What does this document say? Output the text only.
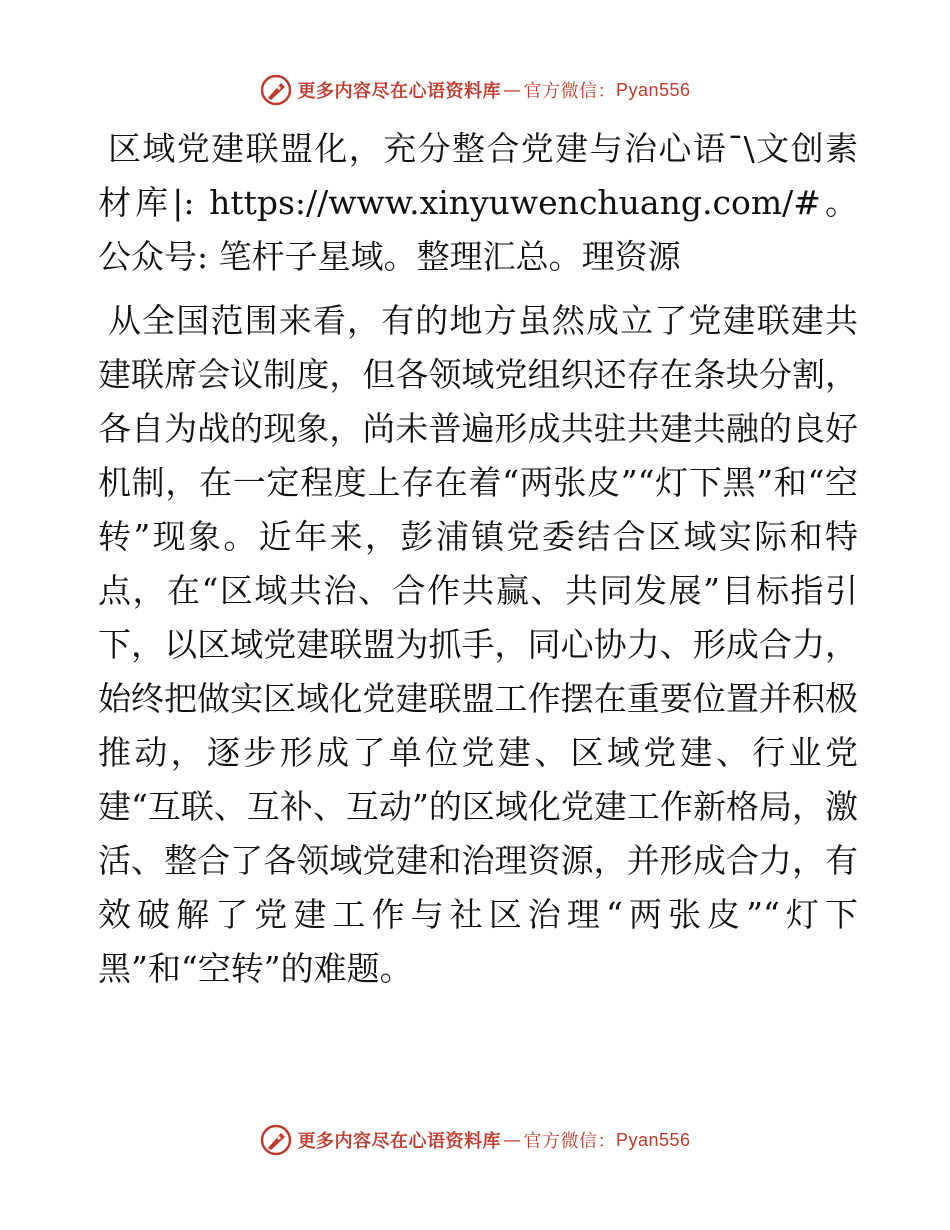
更多内容尽在心语资料库 — 官方微信： Pyan556

区域党建联盟化，充分整合党建与治心语¯\文创素材库|: https://www.xinyuwenchuang.com/#。公众号: 笔杆子星域。整理汇总。理资源

从全国范围来看，有的地方虽然成立了党建联建共建联席会议制度，但各领域党组织还存在条块分割，各自为战的现象，尚未普遍形成共驻共建共融的良好机制，在一定程度上存在着“两张皮”“灯下黑”和“空转”现象。近年来，彭浦镇党委结合区域实际和特点，在“区域共治、合作共赢、共同发展”目标指引下，以区域党建联盟为抓手，同心协力、形成合力，始终把做实区域化党建联盟工作摆在重要位置并积极推动，逐步形成了单位党建、区域党建、行业党建“互联、互补、互动”的区域化党建工作新格局，激活、整合了各领域党建和治理资源，并形成合力，有效破解了党建工作与社区治理“两张皮”“灯下黑”和“空转”的难题。

更多内容尽在心语资料库 — 官方微信： Pyan556
